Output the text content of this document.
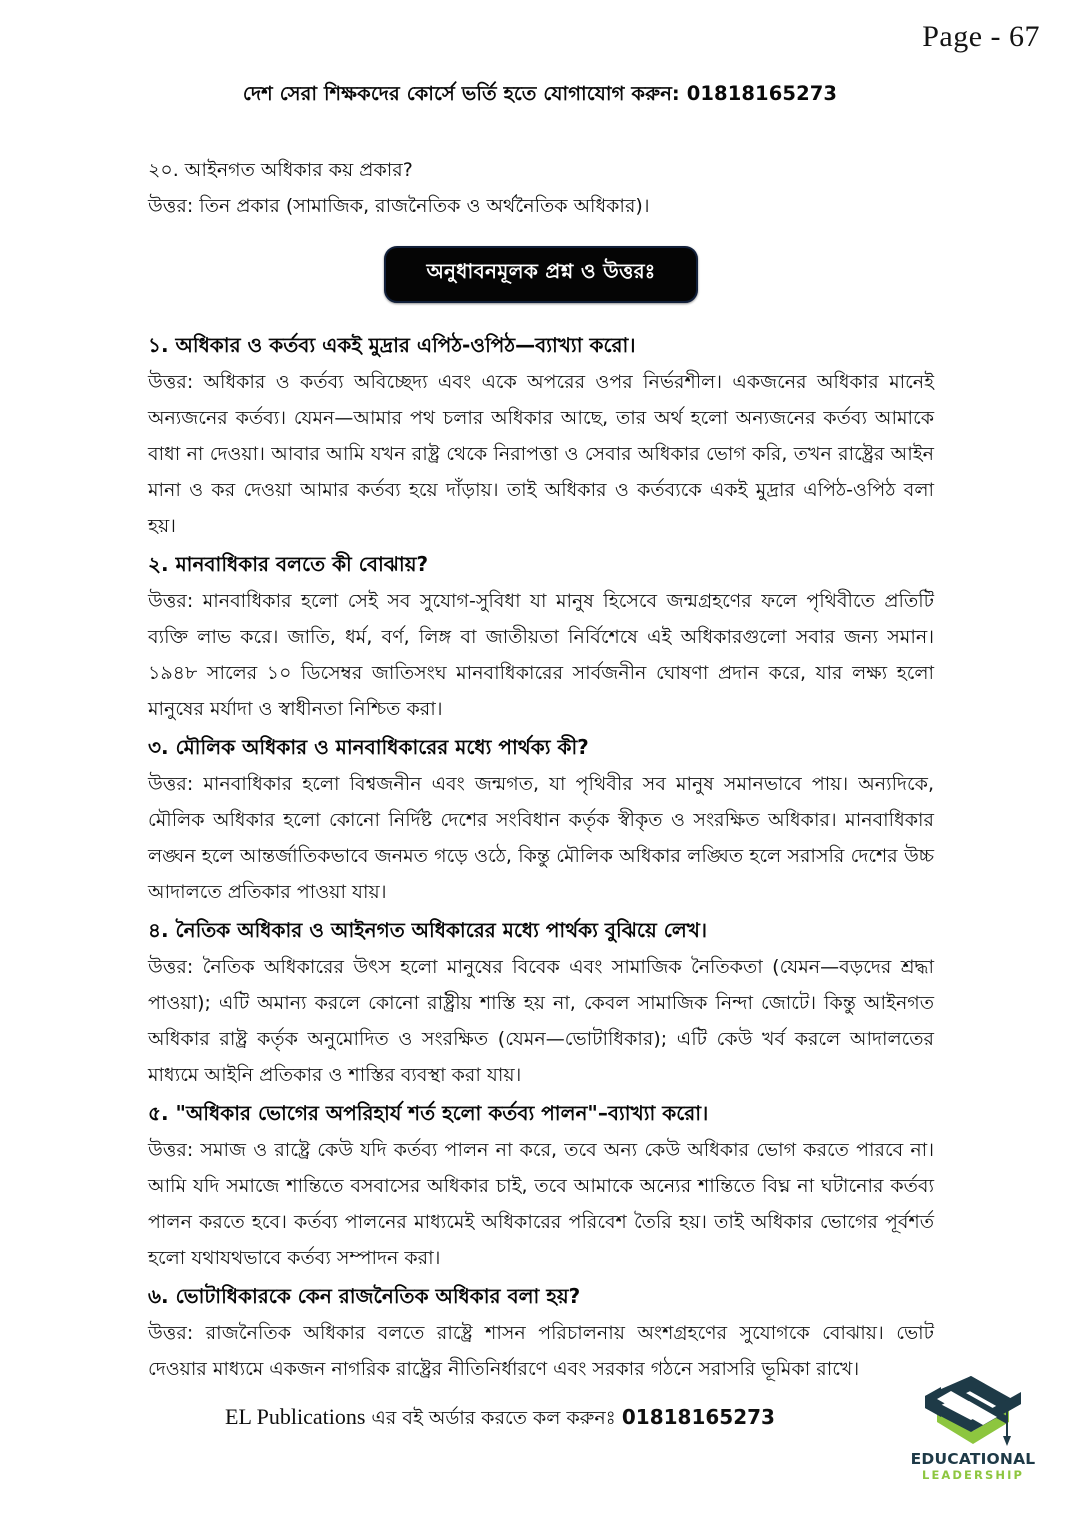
Page - 67
দেশ সেরা শিক্ষকদের কোর্সে ভর্তি হতে যোগাযোগ করুন: 01818165273
২০. আইনগত অধিকার কয় প্রকার?
উত্তর: তিন প্রকার (সামাজিক, রাজনৈতিক ও অর্থনৈতিক অধিকার)।
অনুধাবনমূলক প্রশ্ন ও উত্তরঃ

১. অধিকার ও কর্তব্য একই মুদ্রার এপিঠ-ওপিঠ—ব্যাখ্যা করো।

উত্তর: অধিকার ও কর্তব্য অবিচ্ছেদ্য এবং একে অপরের ওপর নির্ভরশীল। একজনের অধিকার মানেই অন্যজনের কর্তব্য। যেমন—আমার পথ চলার অধিকার আছে, তার অর্থ হলো অন্যজনের কর্তব্য আমাকে বাধা না দেওয়া। আবার আমি যখন রাষ্ট্র থেকে নিরাপত্তা ও সেবার অধিকার ভোগ করি, তখন রাষ্ট্রের আইন মানা ও কর দেওয়া আমার কর্তব্য হয়ে দাঁড়ায়। তাই অধিকার ও কর্তব্যকে একই মুদ্রার এপিঠ-ওপিঠ বলা হয়।

২. মানবাধিকার বলতে কী বোঝায়?

উত্তর: মানবাধিকার হলো সেই সব সুযোগ-সুবিধা যা মানুষ হিসেবে জন্মগ্রহণের ফলে পৃথিবীতে প্রতিটি ব্যক্তি লাভ করে। জাতি, ধর্ম, বর্ণ, লিঙ্গ বা জাতীয়তা নির্বিশেষে এই অধিকারগুলো সবার জন্য সমান। ১৯৪৮ সালের ১০ ডিসেম্বর জাতিসংঘ মানবাধিকারের সার্বজনীন ঘোষণা প্রদান করে, যার লক্ষ্য হলো মানুষের মর্যাদা ও স্বাধীনতা নিশ্চিত করা।

৩. মৌলিক অধিকার ও মানবাধিকারের মধ্যে পার্থক্য কী?

উত্তর: মানবাধিকার হলো বিশ্বজনীন এবং জন্মগত, যা পৃথিবীর সব মানুষ সমানভাবে পায়। অন্যদিকে, মৌলিক অধিকার হলো কোনো নির্দিষ্ট দেশের সংবিধান কর্তৃক স্বীকৃত ও সংরক্ষিত অধিকার। মানবাধিকার লঙ্ঘন হলে আন্তর্জাতিকভাবে জনমত গড়ে ওঠে, কিন্তু মৌলিক অধিকার লঙ্ঘিত হলে সরাসরি দেশের উচ্চ আদালতে প্রতিকার পাওয়া যায়।

৪. নৈতিক অধিকার ও আইনগত অধিকারের মধ্যে পার্থক্য বুঝিয়ে লেখ।

উত্তর: নৈতিক অধিকারের উৎস হলো মানুষের বিবেক এবং সামাজিক নৈতিকতা (যেমন—বড়দের শ্রদ্ধা পাওয়া); এটি অমান্য করলে কোনো রাষ্ট্রীয় শাস্তি হয় না, কেবল সামাজিক নিন্দা জোটে। কিন্তু আইনগত অধিকার রাষ্ট্র কর্তৃক অনুমোদিত ও সংরক্ষিত (যেমন—ভোটাধিকার); এটি কেউ খর্ব করলে আদালতের মাধ্যমে আইনি প্রতিকার ও শাস্তির ব্যবস্থা করা যায়।

৫. "অধিকার ভোগের অপরিহার্য শর্ত হলো কর্তব্য পালন"–ব্যাখ্যা করো।

উত্তর: সমাজ ও রাষ্ট্রে কেউ যদি কর্তব্য পালন না করে, তবে অন্য কেউ অধিকার ভোগ করতে পারবে না। আমি যদি সমাজে শান্তিতে বসবাসের অধিকার চাই, তবে আমাকে অন্যের শান্তিতে বিঘ্ন না ঘটানোর কর্তব্য পালন করতে হবে। কর্তব্য পালনের মাধ্যমেই অধিকারের পরিবেশ তৈরি হয়। তাই অধিকার ভোগের পূর্বশর্ত হলো যথাযথভাবে কর্তব্য সম্পাদন করা।

৬. ভোটাধিকারকে কেন রাজনৈতিক অধিকার বলা হয়?

উত্তর: রাজনৈতিক অধিকার বলতে রাষ্ট্রে শাসন পরিচালনায় অংশগ্রহণের সুযোগকে বোঝায়। ভোট দেওয়ার মাধ্যমে একজন নাগরিক রাষ্ট্রের নীতিনির্ধারণে এবং সরকার গঠনে সরাসরি ভূমিকা রাখে।

EL Publications এর বই অর্ডার করতে কল করুনঃ 01818165273
EDUCATIONAL
LEADERSHIP
